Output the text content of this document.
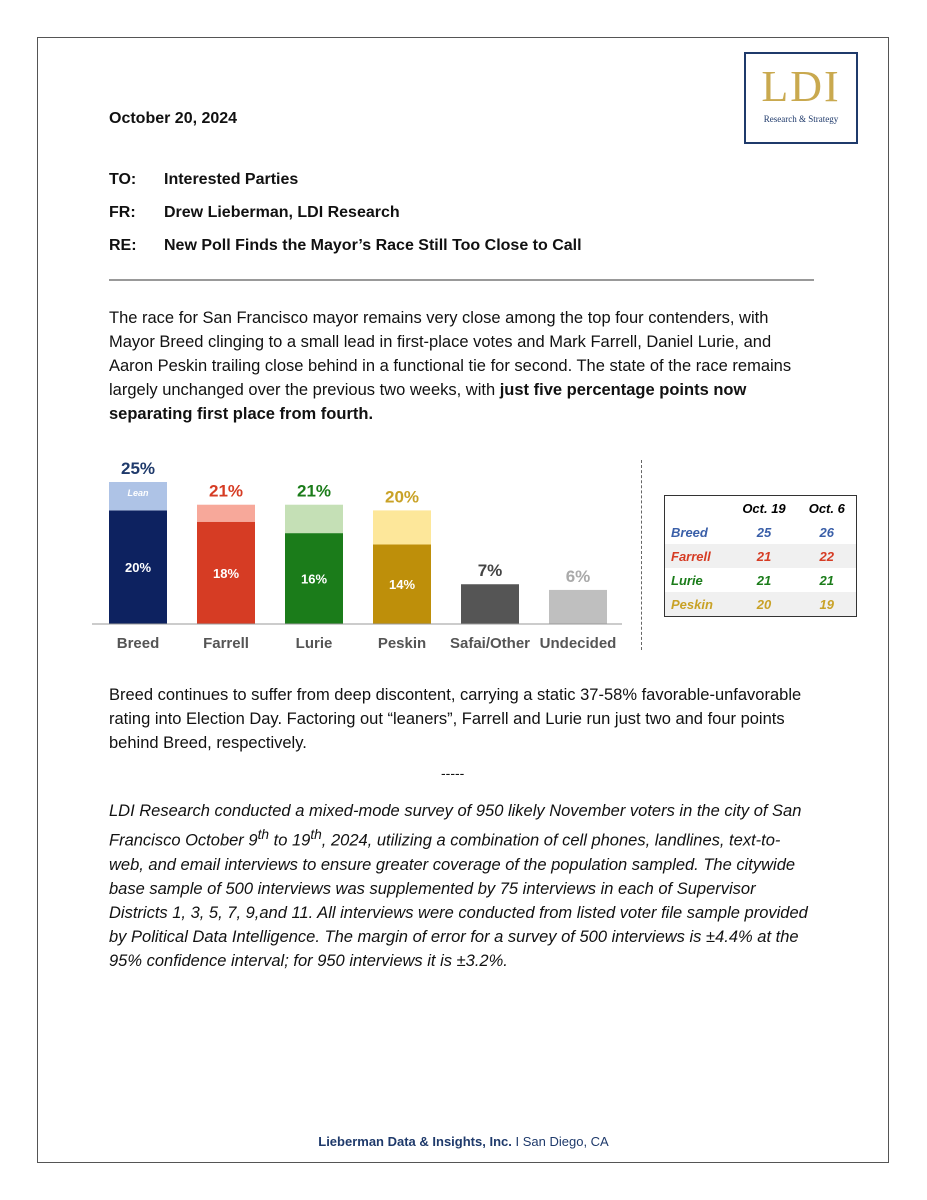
LDI
Research & Strategy
October 20, 2024
TO: Interested Parties
FR: Drew Lieberman, LDI Research
RE: New Poll Finds the Mayor’s Race Still Too Close to Call
The race for San Francisco mayor remains very close among the top four contenders, with Mayor Breed clinging to a small lead in first-place votes and Mark Farrell, Daniel Lurie, and Aaron Peskin trailing close behind in a functional tie for second. The state of the race remains largely unchanged over the previous two weeks, with just five percentage points now separating first place from fourth.
25%
20%
Breed
21%
18%
Farrell
21%
16%
Lurie
20%
14%
Peskin
7%
Safai/Other
6%
Undecided
Lean
	Oct. 19	Oct. 6
Breed	25	26
Farrell	21	22
Lurie	21	21
Peskin	20	19
Breed continues to suffer from deep discontent, carrying a static 37-58% favorable-unfavorable rating into Election Day. Factoring out “leaners”, Farrell and Lurie run just two and four points behind Breed, respectively.
-----
LDI Research conducted a mixed-mode survey of 950 likely November voters in the city of San Francisco October 9th to 19th, 2024, utilizing a combination of cell phones, landlines, text-to-web, and email interviews to ensure greater coverage of the population sampled. The citywide base sample of 500 interviews was supplemented by 75 interviews in each of Supervisor Districts 1, 3, 5, 7, 9,and 11. All interviews were conducted from listed voter file sample provided by Political Data Intelligence. The margin of error for a survey of 500 interviews is ±4.4% at the 95% confidence interval; for 950 interviews it is ±3.2%.
Lieberman Data & Insights, Inc. I San Diego, CA
